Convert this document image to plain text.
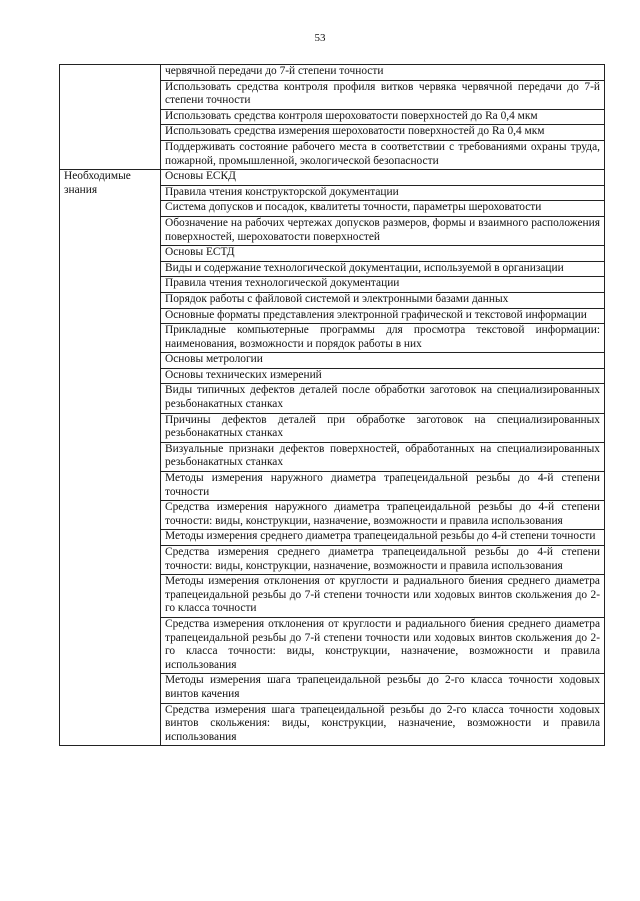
53
	червячной передачи до 7-й степени точности
	Использовать средства контроля профиля витков червяка червячной передачи до 7-й степени точности
	Использовать средства контроля шероховатости поверхностей до Ra 0,4 мкм
	Использовать средства измерения шероховатости поверхностей до Ra 0,4 мкм
	Поддерживать состояние рабочего места в соответствии с требованиями охраны труда, пожарной, промышленной, экологической безопасности
Необходимые знания	Основы ЕСКД
	Правила чтения конструкторской документации
	Система допусков и посадок, квалитеты точности, параметры шероховатости
	Обозначение на рабочих чертежах допусков размеров, формы и взаимного расположения поверхностей, шероховатости поверхностей
	Основы ЕСТД
	Виды и содержание технологической документации, используемой в организации
	Правила чтения технологической документации
	Порядок работы с файловой системой и электронными базами данных
	Основные форматы представления электронной графической и текстовой информации
	Прикладные компьютерные программы для просмотра текстовой информации: наименования, возможности и порядок работы в них
	Основы метрологии
	Основы технических измерений
	Виды типичных дефектов деталей после обработки заготовок на специализированных резьбонакатных станках
	Причины дефектов деталей при обработке заготовок на специализированных резьбонакатных станках
	Визуальные признаки дефектов поверхностей, обработанных на специализированных резьбонакатных станках
	Методы измерения наружного диаметра трапецеидальной резьбы до 4-й степени точности
	Средства измерения наружного диаметра трапецеидальной резьбы до 4-й степени точности: виды, конструкции, назначение, возможности и правила использования
	Методы измерения среднего диаметра трапецеидальной резьбы до 4-й степени точности
	Средства измерения среднего диаметра трапецеидальной резьбы до 4-й степени точности: виды, конструкции, назначение, возможности и правила использования
	Методы измерения отклонения от круглости и радиального биения среднего диаметра трапецеидальной резьбы до 7-й степени точности или ходовых винтов скольжения до 2-го класса точности
	Средства измерения отклонения от круглости и радиального биения среднего диаметра трапецеидальной резьбы до 7-й степени точности или ходовых винтов скольжения до 2-го класса точности: виды, конструкции, назначение, возможности и правила использования
	Методы измерения шага трапецеидальной резьбы до 2-го класса точности ходовых винтов качения
	Средства измерения шага трапецеидальной резьбы до 2-го класса точности ходовых винтов скольжения: виды, конструкции, назначение, возможности и правила использования
